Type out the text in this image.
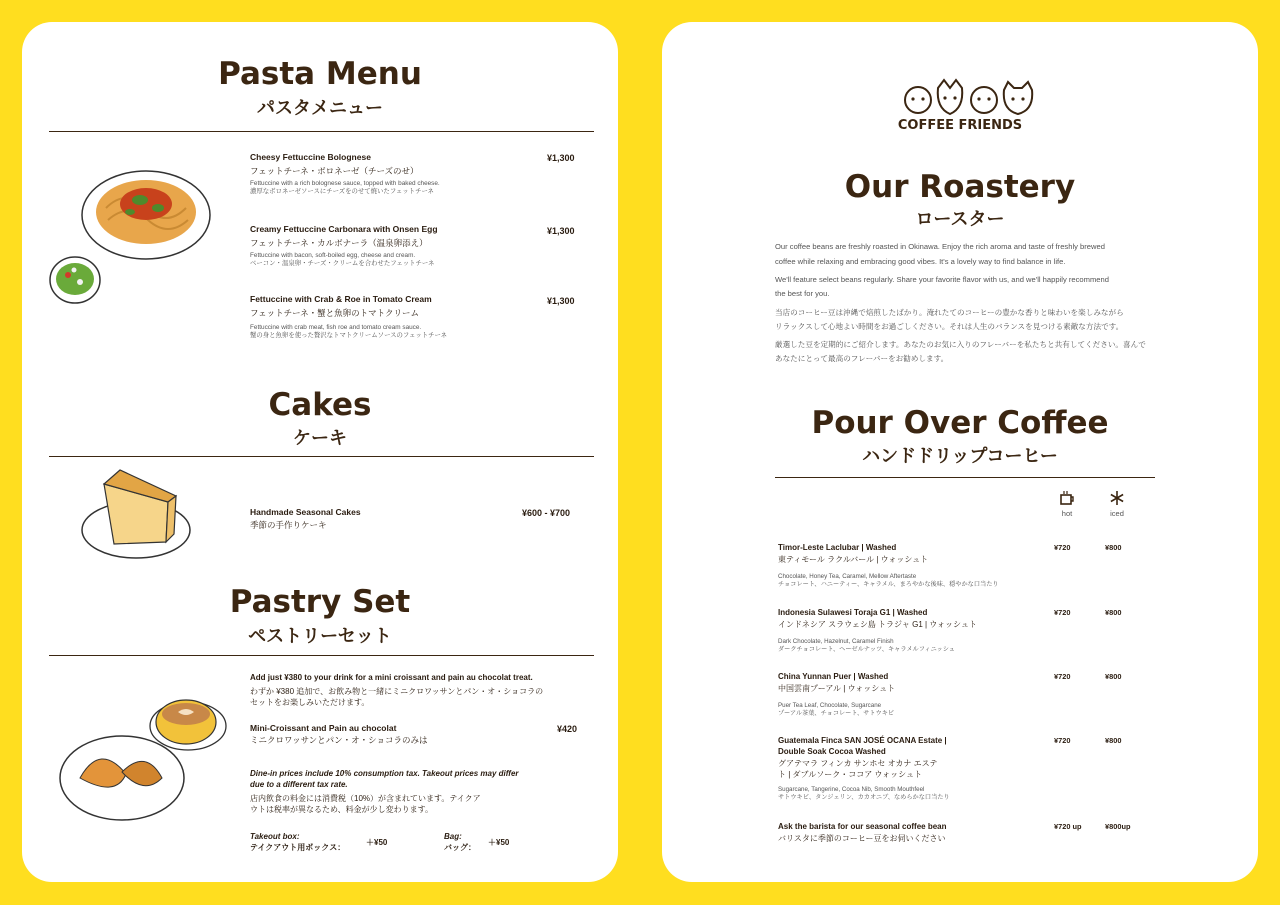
Pasta Menu
パスタメニュー
Cheesy Fettuccine Bolognese
フェットチーネ・ボロネーゼ（チーズのせ）
Fettuccine with a rich bolognese sauce, topped with baked cheese.
濃厚なボロネーゼソースにチーズをのせて焼いたフェットチーネ
¥1,300
Creamy Fettuccine Carbonara with Onsen Egg
フェットチーネ・カルボナーラ（温泉卵添え）
Fettuccine with bacon, soft-boiled egg, cheese and cream.
ベーコン・温泉卵・チーズ・クリームを合わせたフェットチーネ
¥1,300
Fettuccine with Crab & Roe in Tomato Cream
フェットチーネ・蟹と魚卵のトマトクリーム
Fettuccine with crab meat, fish roe and tomato cream sauce.
蟹の身と魚卵を使った贅沢なトマトクリームソースのフェットチーネ
¥1,300
Cakes
ケーキ
Handmade Seasonal Cakes
季節の手作りケーキ
¥600 - ¥700
Pastry Set
ペストリーセット
Add just ¥380 to your drink for a mini croissant and pain au chocolat treat.
わずか ¥380 追加で、お飲み物と一緒にミニクロワッサンとパン・オ・ショコラの
セットをお楽しみいただけます。
Mini-Croissant and Pain au chocolat
ミニクロワッサンとパン・オ・ショコラのみは
¥420
Dine-in prices include 10% consumption tax. Takeout prices may differ
due to a different tax rate.
店内飲食の料金には消費税（10%）が含まれています。テイクア
ウトは税率が異なるため、料金が少し変わります。
Takeout box:
テイクアウト用ボックス：
＋¥50
Bag:
バッグ：
＋¥50
COFFEE FRIENDS
Our Roastery
ロースター
Our coffee beans are freshly roasted in Okinawa. Enjoy the rich aroma and taste of freshly brewed
coffee while relaxing and embracing good vibes. It's a lovely way to find balance in life.
We'll feature select beans regularly. Share your favorite flavor with us, and we'll happily recommend
the best for you.
当店のコーヒー豆は沖縄で焙煎したばかり。淹れたてのコーヒーの豊かな香りと味わいを楽しみながら
リラックスして心地よい時間をお過ごしください。それは人生のバランスを見つける素敵な方法です。
厳選した豆を定期的にご紹介します。あなたのお気に入りのフレーバーを私たちと共有してください。喜んで
あなたにとって最高のフレーバーをお勧めします。
Pour Over Coffee
ハンドドリップコーヒー
hot	iced
Timor-Leste Laclubar | Washed
東ティモール ラクルバール | ウォッシュト
Chocolate, Honey Tea, Caramel, Mellow Aftertaste
チョコレート、ハニーティー、キャラメル、まろやかな後味、穏やかな口当たり
¥720	¥800
Indonesia Sulawesi Toraja G1 | Washed
インドネシア スラウェシ島 トラジャ G1 | ウォッシュト
Dark Chocolate, Hazelnut, Caramel Finish
ダークチョコレート、ヘーゼルナッツ、キャラメルフィニッシュ
¥720	¥800
China Yunnan Puer | Washed
中国雲南プーアル | ウォッシュト
Puer Tea Leaf, Chocolate, Sugarcane
プーアル茶葉、チョコレート、サトウキビ
¥720	¥800
Guatemala Finca SAN JOSÉ OCANA Estate |
Double Soak Cocoa Washed
グアテマラ フィンカ サンホセ オカナ エステ
ト | ダブルソーク・ココア ウォッシュト
Sugarcane, Tangerine, Cocoa Nib, Smooth Mouthfeel
サトウキビ、タンジェリン、カカオニブ、なめらかな口当たり
¥720	¥800
Ask the barista for our seasonal coffee bean
バリスタに季節のコーヒー豆をお伺いください
¥720 up	¥800up
